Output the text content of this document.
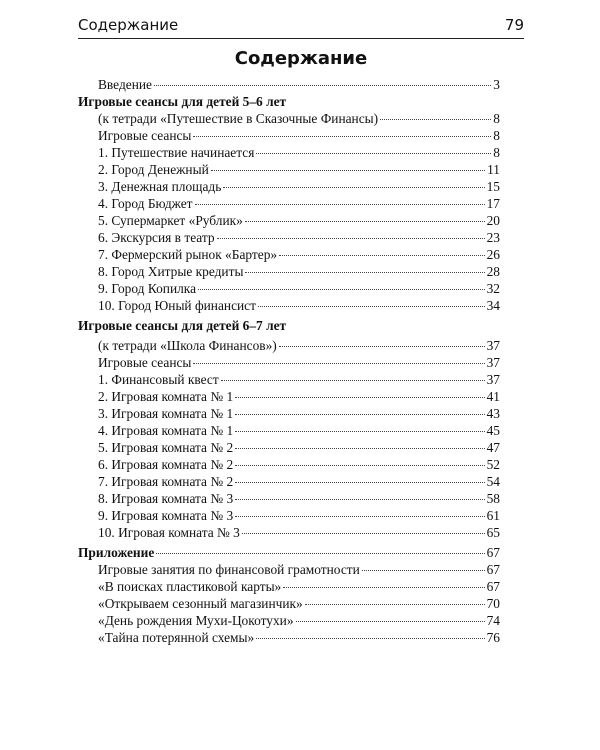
Содержание	79
Содержание
Введение	3
Игровые сеансы для детей 5–6 лет
(к тетради «Путешествие в Сказочные Финансы)	8
Игровые сеансы	8
1. Путешествие начинается	8
2. Город Денежный	11
3. Денежная площадь	15
4. Город Бюджет	17
5. Супермаркет «Рублик»	20
6. Экскурсия в театр	23
7. Фермерский рынок «Бартер»	26
8. Город Хитрые кредиты	28
9. Город Копилка	32
10. Город Юный финансист	34
Игровые сеансы для детей 6–7 лет
(к тетради «Школа Финансов»)	37
Игровые сеансы	37
1. Финансовый квест	37
2. Игровая комната № 1	41
3. Игровая комната № 1	43
4. Игровая комната № 1	45
5. Игровая комната № 2	47
6. Игровая комната № 2	52
7. Игровая комната № 2	54
8. Игровая комната № 3	58
9. Игровая комната № 3	61
10. Игровая комната № 3	65
Приложение	67
Игровые занятия по финансовой грамотности	67
«В поисках пластиковой карты»	67
«Открываем сезонный магазинчик»	70
«День рождения Мухи-Цокотухи»	74
«Тайна потерянной схемы»	76
